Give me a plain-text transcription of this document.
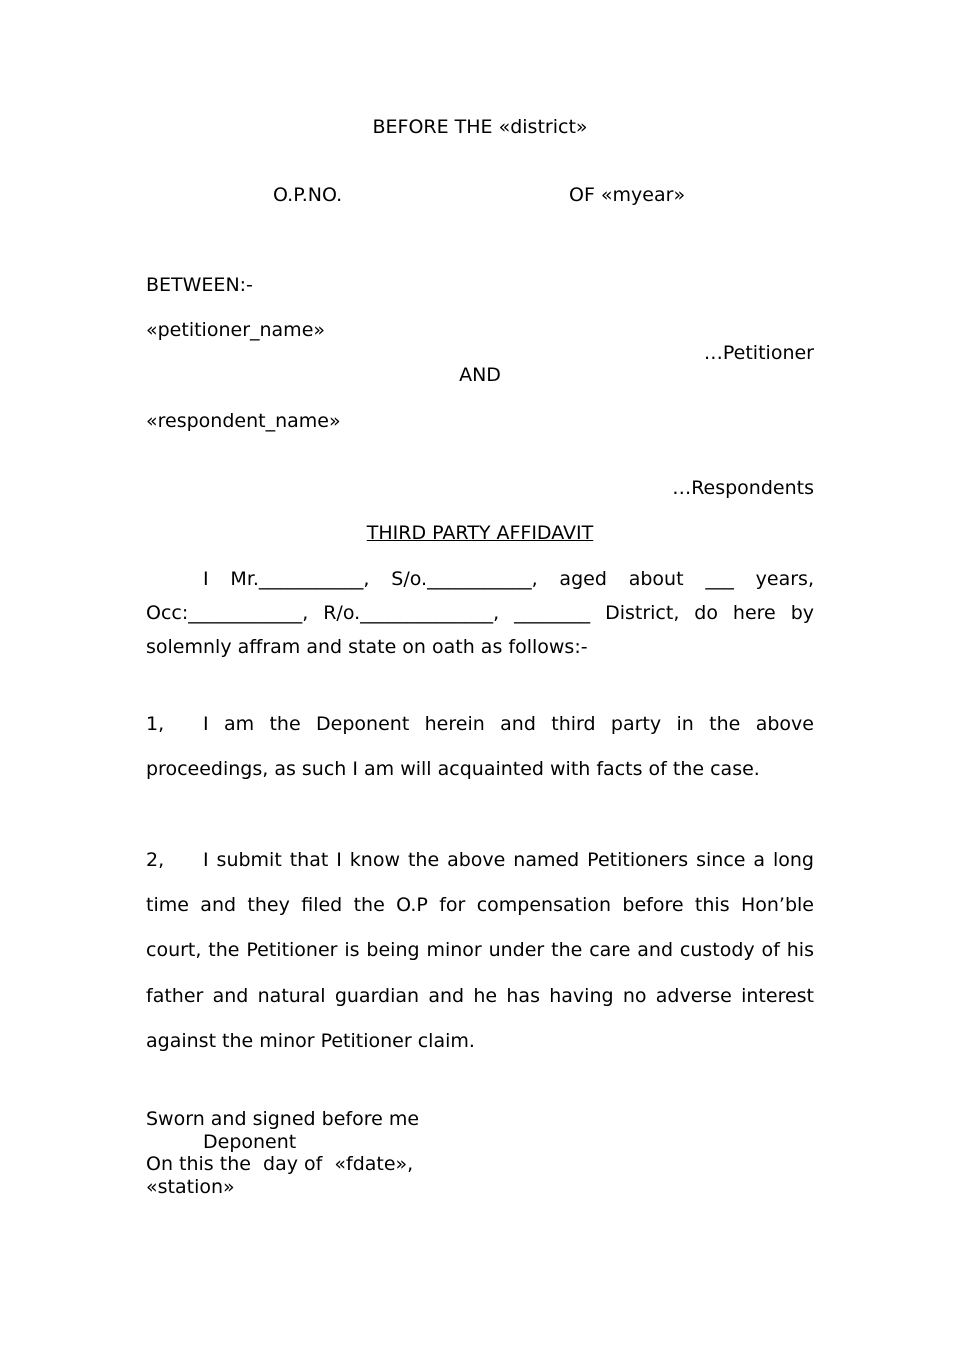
BEFORE THE «district»
O.P.NO.	OF «myear»
BETWEEN:-
«petitioner_name»
…Petitioner
AND
«respondent_name»
…Respondents
THIRD PARTY AFFIDAVIT

I Mr.___________, S/o.___________, aged about ___ years, Occ:____________, R/o.______________, ________ District, do here by solemnly affram and state on oath as follows:-

1, I am the Deponent herein and third party in the above proceedings, as such I am will acquainted with facts of the case.

2, I submit that I know the above named Petitioners since a long time and they filed the O.P for compensation before this Hon’ble court, the Petitioner is being minor under the care and custody of his father and natural guardian and he has having no adverse interest against the minor Petitioner claim.

Sworn and signed before me
Deponent
On this the  day of  «fdate»,
«station»
